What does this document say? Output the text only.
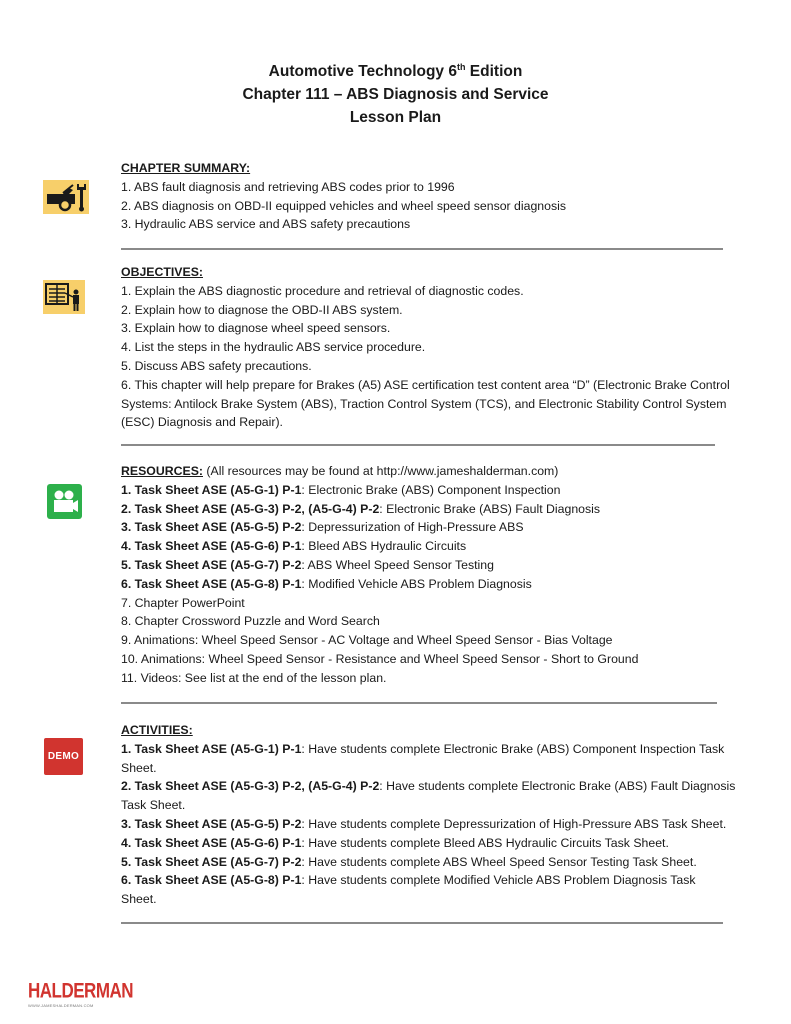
Automotive Technology 6th Edition
Chapter 111 – ABS Diagnosis and Service
Lesson Plan
CHAPTER SUMMARY:
1. ABS fault diagnosis and retrieving ABS codes prior to 1996
2. ABS diagnosis on OBD-II equipped vehicles and wheel speed sensor diagnosis
3. Hydraulic ABS service and ABS safety precautions
OBJECTIVES:
1. Explain the ABS diagnostic procedure and retrieval of diagnostic codes.
2. Explain how to diagnose the OBD-II ABS system.
3. Explain how to diagnose wheel speed sensors.
4. List the steps in the hydraulic ABS service procedure.
5. Discuss ABS safety precautions.
6. This chapter will help prepare for Brakes (A5) ASE certification test content area “D” (Electronic Brake Control Systems: Antilock Brake System (ABS), Traction Control System (TCS), and Electronic Stability Control System (ESC) Diagnosis and Repair).
RESOURCES: (All resources may be found at http://www.jameshalderman.com)
1. Task Sheet ASE (A5-G-1) P-1: Electronic Brake (ABS) Component Inspection
2. Task Sheet ASE (A5-G-3) P-2, (A5-G-4) P-2: Electronic Brake (ABS) Fault Diagnosis
3. Task Sheet ASE (A5-G-5) P-2: Depressurization of High-Pressure ABS
4. Task Sheet ASE (A5-G-6) P-1: Bleed ABS Hydraulic Circuits
5. Task Sheet ASE (A5-G-7) P-2: ABS Wheel Speed Sensor Testing
6. Task Sheet ASE (A5-G-8) P-1: Modified Vehicle ABS Problem Diagnosis
7. Chapter PowerPoint
8. Chapter Crossword Puzzle and Word Search
9. Animations: Wheel Speed Sensor - AC Voltage and Wheel Speed Sensor - Bias Voltage
10. Animations: Wheel Speed Sensor - Resistance and Wheel Speed Sensor - Short to Ground
11. Videos: See list at the end of the lesson plan.
DEMO
ACTIVITIES:
1. Task Sheet ASE (A5-G-1) P-1: Have students complete Electronic Brake (ABS) Component Inspection Task Sheet.
2. Task Sheet ASE (A5-G-3) P-2, (A5-G-4) P-2: Have students complete Electronic Brake (ABS) Fault Diagnosis Task Sheet.
3. Task Sheet ASE (A5-G-5) P-2: Have students complete Depressurization of High-Pressure ABS Task Sheet.
4. Task Sheet ASE (A5-G-6) P-1: Have students complete Bleed ABS Hydraulic Circuits Task Sheet.
5. Task Sheet ASE (A5-G-7) P-2: Have students complete ABS Wheel Speed Sensor Testing Task Sheet.
6. Task Sheet ASE (A5-G-8) P-1: Have students complete Modified Vehicle ABS Problem Diagnosis Task Sheet.
HALDERMAN
WWW.JAMESHALDERMAN.COM
